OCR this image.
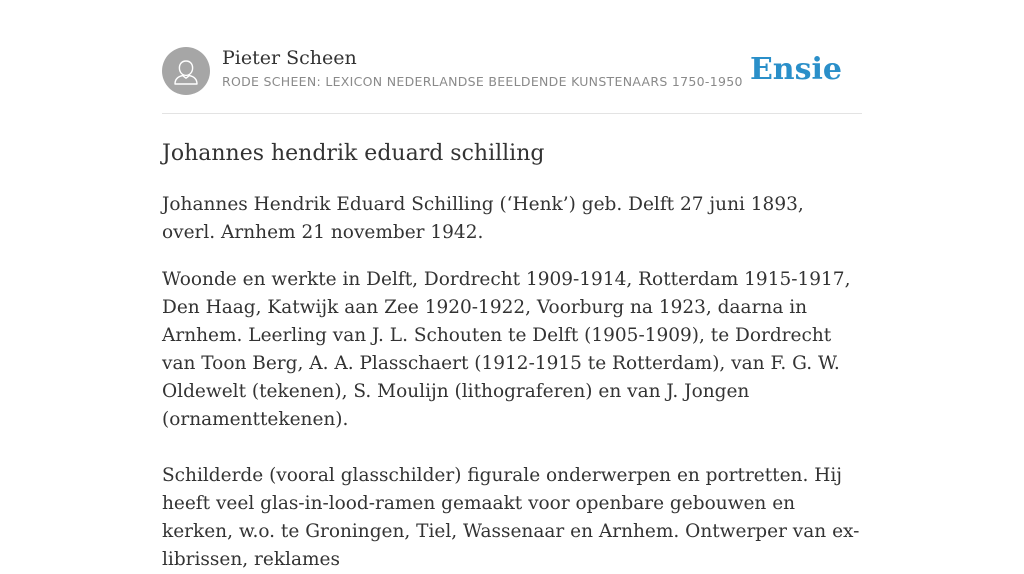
Pieter Scheen
RODE SCHEEN: LEXICON NEDERLANDSE BEELDENDE KUNSTENAARS 1750-1950 Ensie
Johannes hendrik eduard schilling

Johannes Hendrik Eduard Schilling (‘Henk’) geb. Delft 27 juni 1893, overl. Arnhem 21 november 1942.

Woonde en werkte in Delft, Dordrecht 1909-1914, Rotterdam 1915-1917, Den Haag, Katwijk aan Zee 1920-1922, Voorburg na 1923, daarna in Arnhem. Leerling van J. L. Schouten te Delft (1905-1909), te Dordrecht van Toon Berg, A. A. Plasschaert (1912-1915 te Rotterdam), van F. G. W. Oldewelt (tekenen), S. Moulijn (lithograferen) en van J. Jongen (ornamenttekenen).

Schilderde (vooral glasschilder) figurale onderwerpen en portretten. Hij heeft veel glas-in-lood-ramen gemaakt voor openbare gebouwen en kerken, w.o. te Groningen, Tiel, Wassenaar en Arnhem. Ontwerper van ex-librissen, reklames
